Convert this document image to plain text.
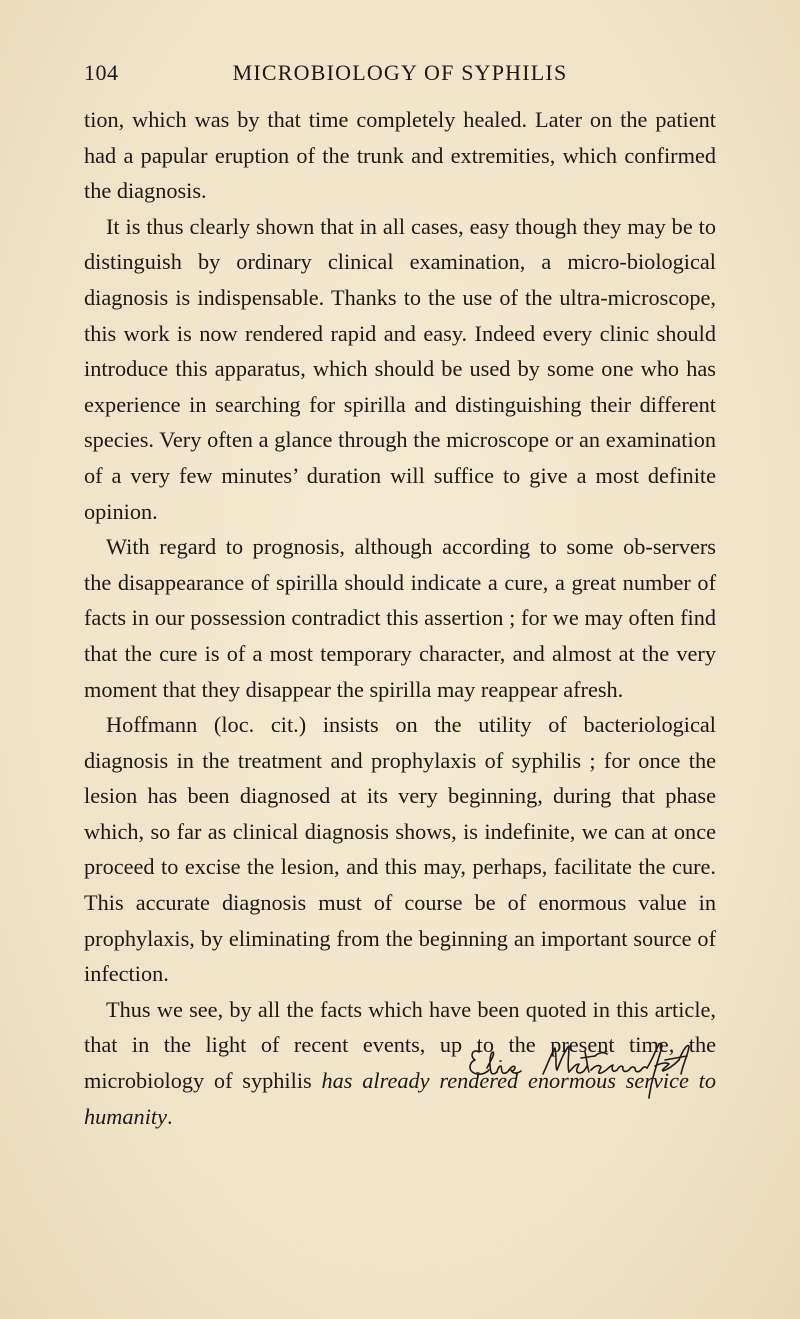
104	MICROBIOLOGY OF SYPHILIS

tion, which was by that time completely healed. Later on the patient had a papular eruption of the trunk and extremities, which confirmed the diagnosis.

It is thus clearly shown that in all cases, easy though they may be to distinguish by ordinary clinical examination, a micro-biological diagnosis is indispensable. Thanks to the use of the ultra-microscope, this work is now rendered rapid and easy. Indeed every clinic should introduce this apparatus, which should be used by some one who has experience in searching for spirilla and distinguishing their different species. Very often a glance through the microscope or an examination of a very few minutes’ duration will suffice to give a most definite opinion.

With regard to prognosis, although according to some ob-servers the disappearance of spirilla should indicate a cure, a great number of facts in our possession contradict this assertion ; for we may often find that the cure is of a most temporary character, and almost at the very moment that they disappear the spirilla may reappear afresh.

Hoffmann (loc. cit.) insists on the utility of bacteriological diagnosis in the treatment and prophylaxis of syphilis ; for once the lesion has been diagnosed at its very beginning, during that phase which, so far as clinical diagnosis shows, is indefinite, we can at once proceed to excise the lesion, and this may, perhaps, facilitate the cure. This accurate diagnosis must of course be of enormous value in prophylaxis, by eliminating from the beginning an important source of infection.

Thus we see, by all the facts which have been quoted in this article, that in the light of recent events, up to the present time, the microbiology of syphilis has already rendered enormous service to humanity.
